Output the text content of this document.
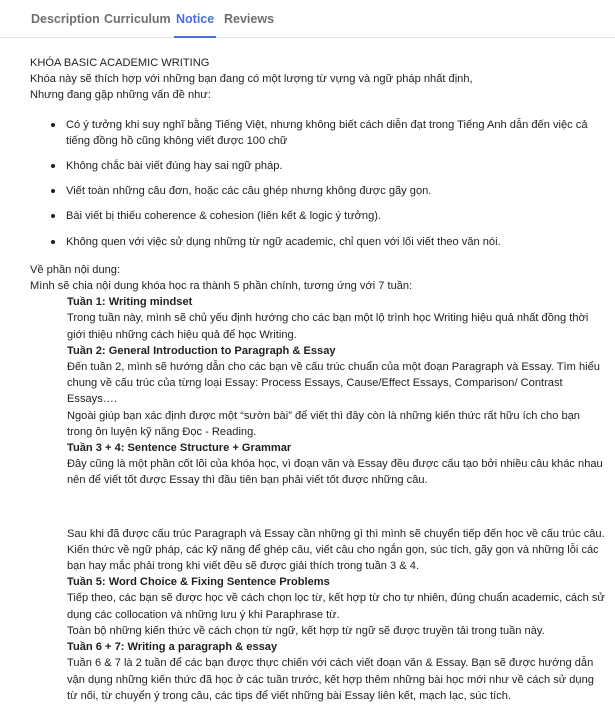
Description Curriculum Notice Reviews

KHÓA BASIC ACADEMIC WRITING

Khóa này sẽ thích hợp với những bạn đang có một lượng từ vựng và ngữ pháp nhất định,

Nhưng đang gặp những vấn đề như:

Có ý tưởng khi suy nghĩ bằng Tiếng Việt, nhưng không biết cách diễn đạt trong Tiếng Anh dẫn đến việc cả tiếng đồng hồ cũng không viết được 100 chữ
Không chắc bài viết đúng hay sai ngữ pháp.
Viết toàn những câu đơn, hoặc các câu ghép nhưng không được gãy gọn.
Bài viết bị thiếu coherence & cohesion (liên kết & logic ý tưởng).
Không quen với việc sử dụng những từ ngữ academic, chỉ quen với lối viết theo văn nói.

Về phần nội dung:

Mình sẽ chia nội dung khóa học ra thành 5 phần chính, tương ứng với 7 tuần:

Tuần 1: Writing mindset
Trong tuần này, mình sẽ chủ yếu định hướng cho các bạn một lộ trình học Writing hiệu quả nhất đồng thời giới thiệu những cách hiệu quả để học Writing.
Tuần 2: General Introduction to Paragraph & Essay
Đến tuần 2, mình sẽ hướng dẫn cho các bạn về cấu trúc chuẩn của một đoạn Paragraph và Essay. Tìm hiểu chung về cấu trúc của từng loại Essay: Process Essays, Cause/Effect Essays, Comparison/ Contrast Essays….
Ngoài giúp bạn xác định được một “sườn bài” để viết thì đây còn là những kiến thức rất hữu ích cho bạn trong ôn luyện kỹ năng Đọc - Reading.
Tuần 3 + 4: Sentence Structure + Grammar
Đây cũng là một phần cốt lõi của khóa học, vì đoạn văn và Essay đều được cấu tạo bởi nhiều câu khác nhau nên để viết tốt được Essay thì đầu tiên bạn phải viết tốt được những câu.
Sau khi đã được cấu trúc Paragraph và Essay cần những gì thì mình sẽ chuyển tiếp đến học về cấu trúc câu. Kiến thức về ngữ pháp, các kỹ năng để ghép câu, viết câu cho ngắn gọn, súc tích, gãy gọn và những lỗi các bạn hay mắc phải trong khi viết đều sẽ được giải thích trong tuần 3 & 4.
Tuần 5: Word Choice & Fixing Sentence Problems
Tiếp theo, các bạn sẽ được học về cách chọn lọc từ, kết hợp từ cho tự nhiên, đúng chuẩn academic, cách sử dụng các collocation và những lưu ý khi Paraphrase từ.
Toàn bộ những kiến thức về cách chọn từ ngữ, kết hợp từ ngữ sẽ được truyền tải trong tuần này.
Tuần 6 + 7: Writing a paragraph & essay
Tuần 6 & 7 là 2 tuần để các bạn được thực chiến với cách viết đoạn văn & Essay. Bạn sẽ được hướng dẫn vận dụng những kiến thức đã học ở các tuần trước, kết hợp thêm những bài học mới như về cách sử dụng từ nối, từ chuyển ý trong câu, các tips để viết những bài Essay liên kết, mạch lạc, súc tích.
